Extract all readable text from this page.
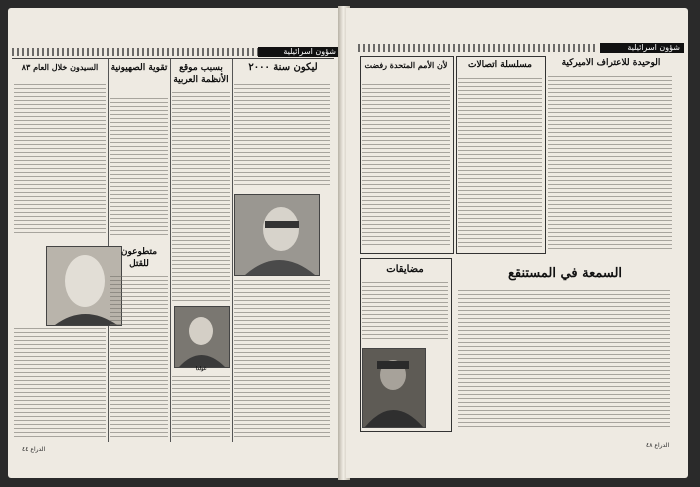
شؤون اسرائيلية
ليكون سنة ٢٠٠٠
بسبب موقع الأنظمة العربية
تقوية الصهيونية
السيدون خلال العام ٨٣
غولدا
متطوعون للقتل
الدراع ٤٤
شؤون اسرائيلية
الوحيدة للاعتراف الأميركية
مسلسلة اتصالات
لأن الأمم المتحدة رفضت
مضايقات	السمعة في المستنقع
الدراع ٤٨
